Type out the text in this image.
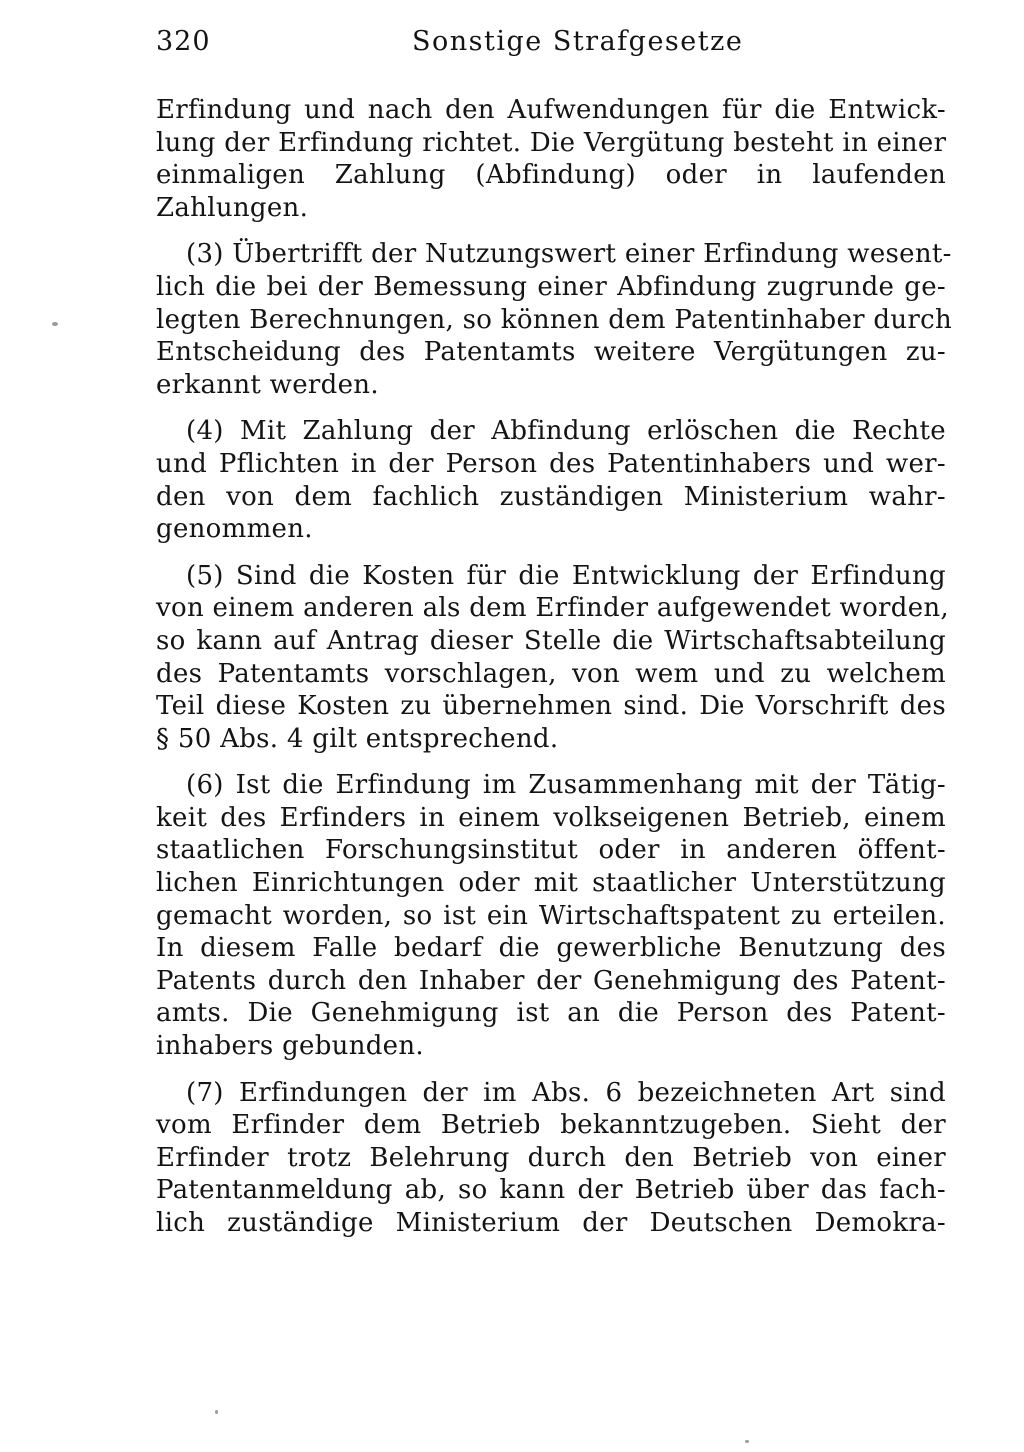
320	Sonstige Strafgesetze
Erfindung und nach den Aufwendungen für die Entwick-
lung der Erfindung richtet. Die Vergütung besteht in einer
einmaligen Zahlung (Abfindung) oder in laufenden
Zahlungen.
(3) Übertrifft der Nutzungswert einer Erfindung wesent-
lich die bei der Bemessung einer Abfindung zugrunde ge-
legten Berechnungen, so können dem Patentinhaber durch
Entscheidung des Patentamts weitere Vergütungen zu-
erkannt werden.
(4) Mit Zahlung der Abfindung erlöschen die Rechte
und Pflichten in der Person des Patentinhabers und wer-
den von dem fachlich zuständigen Ministerium wahr-
genommen.
(5) Sind die Kosten für die Entwicklung der Erfindung
von einem anderen als dem Erfinder aufgewendet worden,
so kann auf Antrag dieser Stelle die Wirtschaftsabteilung
des Patentamts vorschlagen, von wem und zu welchem
Teil diese Kosten zu übernehmen sind. Die Vorschrift des
§ 50 Abs. 4 gilt entsprechend.
(6) Ist die Erfindung im Zusammenhang mit der Tätig-
keit des Erfinders in einem volkseigenen Betrieb, einem
staatlichen Forschungsinstitut oder in anderen öffent-
lichen Einrichtungen oder mit staatlicher Unterstützung
gemacht worden, so ist ein Wirtschaftspatent zu erteilen.
In diesem Falle bedarf die gewerbliche Benutzung des
Patents durch den Inhaber der Genehmigung des Patent-
amts. Die Genehmigung ist an die Person des Patent-
inhabers gebunden.
(7) Erfindungen der im Abs. 6 bezeichneten Art sind
vom Erfinder dem Betrieb bekanntzugeben. Sieht der
Erfinder trotz Belehrung durch den Betrieb von einer
Patentanmeldung ab, so kann der Betrieb über das fach-
lich zuständige Ministerium der Deutschen Demokra-
